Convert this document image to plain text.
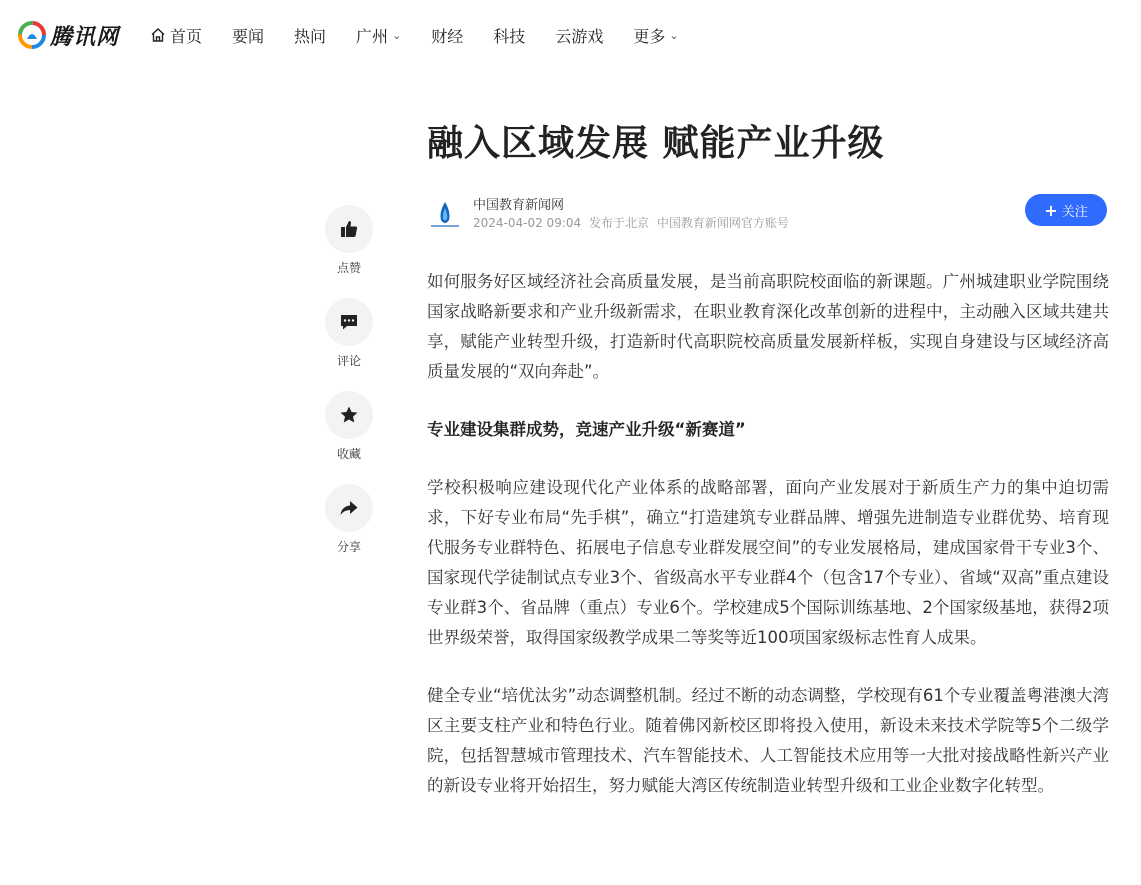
腾讯网	首页 要闻 热问 广州 ⌄ 财经 科技 云游戏 更多 ⌄
点赞
评论
收藏
分享
融入区域发展 赋能产业升级
中国教育新闻网
2024-04-02 09:04 发布于北京 中国教育新闻网官方账号
+ 关注

如何服务好区域经济社会高质量发展，是当前高职院校面临的新课题。广州城建职业学院围绕国家战略新要求和产业升级新需求，在职业教育深化改革创新的进程中，主动融入区域共建共享，赋能产业转型升级，打造新时代高职院校高质量发展新样板，实现自身建设与区域经济高质量发展的“双向奔赴”。

专业建设集群成势，竞速产业升级“新赛道”

学校积极响应建设现代化产业体系的战略部署，面向产业发展对于新质生产力的集中迫切需求，下好专业布局“先手棋”，确立“打造建筑专业群品牌、增强先进制造专业群优势、培育现代服务专业群特色、拓展电子信息专业群发展空间”的专业发展格局，建成国家骨干专业3个、国家现代学徒制试点专业3个、省级高水平专业群4个（包含17个专业）、省域“双高”重点建设专业群3个、省品牌（重点）专业6个。学校建成5个国际训练基地、2个国家级基地，获得2项世界级荣誉，取得国家级教学成果二等奖等近100项国家级标志性育人成果。

健全专业“培优汰劣”动态调整机制。经过不断的动态调整，学校现有61个专业覆盖粤港澳大湾区主要支柱产业和特色行业。随着佛冈新校区即将投入使用，新设未来技术学院等5个二级学院，包括智慧城市管理技术、汽车智能技术、人工智能技术应用等一大批对接战略性新兴产业的新设专业将开始招生，努力赋能大湾区传统制造业转型升级和工业企业数字化转型。
